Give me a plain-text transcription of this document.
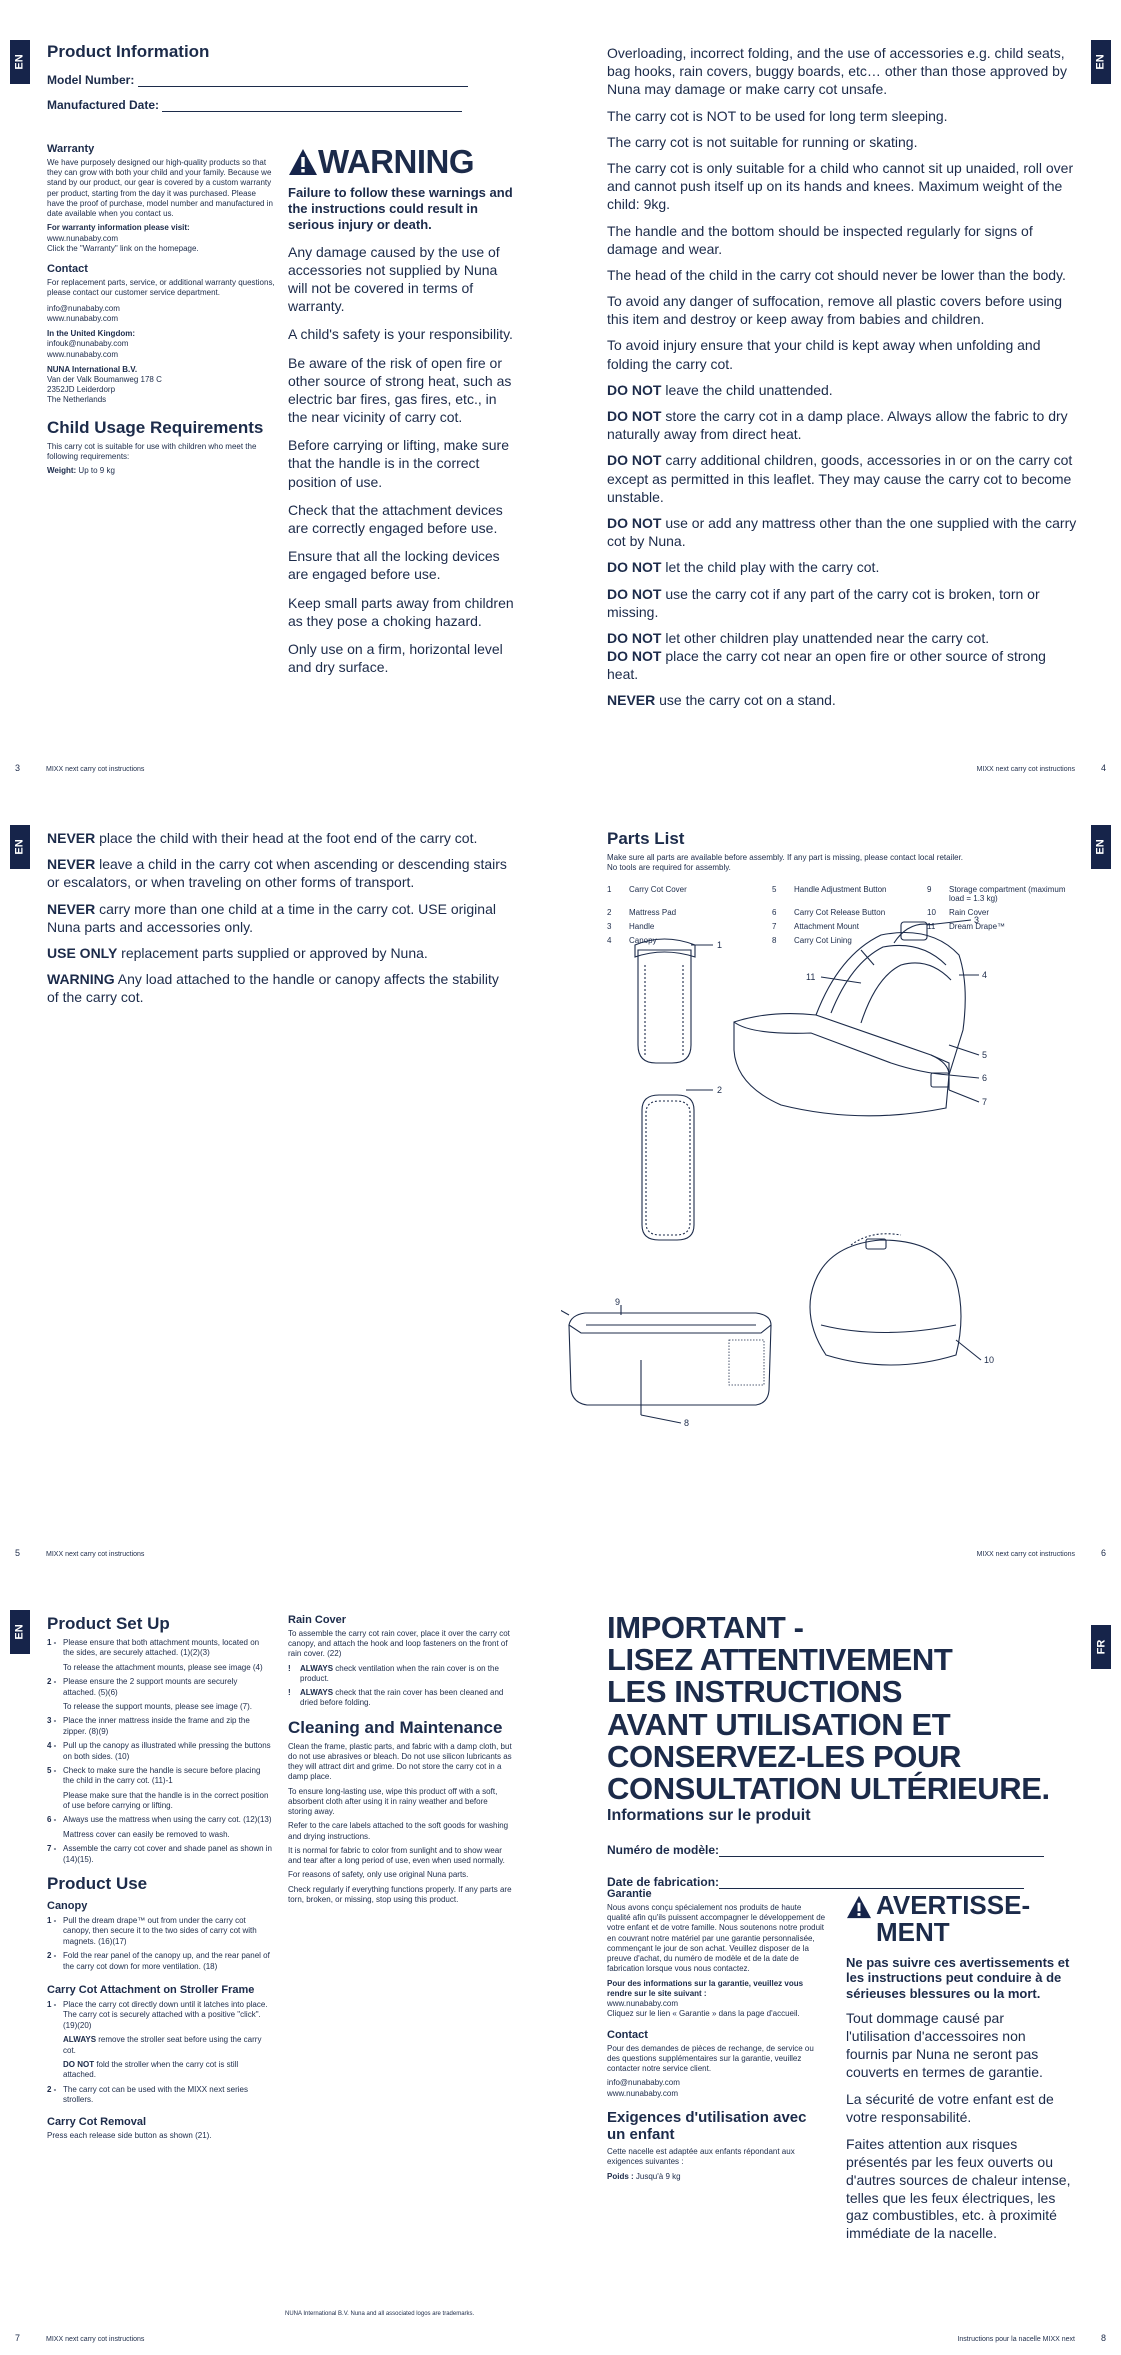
EN
Product Information
Model Number:
Manufactured Date:
Warranty
We have purposely designed our high-quality products so that they can grow with both your child and your family. Because we stand by our product, our gear is covered by a custom warranty per product, starting from the day it was purchased. Please have the proof of purchase, model number and manufactured in date available when you contact us.
For warranty information please visit:
www.nunababy.com
Click the "Warranty" link on the homepage.
Contact
For replacement parts, service, or additional warranty questions, please contact our customer service department.
info@nunababy.com
www.nunababy.com
In the United Kingdom:
infouk@nunababy.com
www.nunababy.com
NUNA International B.V.
Van der Valk Boumanweg 178 C
2352JD Leiderdorp
The Netherlands
Child Usage Requirements
This carry cot is suitable for use with children who meet the following requirements:
Weight: Up to 9 kg
WARNING
Failure to follow these warnings and the instructions could result in serious injury or death.
Any damage caused by the use of accessories not supplied by Nuna will not be covered in terms of warranty.
A child's safety is your responsibility.
Be aware of the risk of open fire or other source of strong heat, such as electric bar fires, gas fires, etc., in the near vicinity of carry cot.
Before carrying or lifting, make sure that the handle is in the correct position of use.
Check that the attachment devices are correctly engaged before use.
Ensure that all the locking devices are engaged before use.
Keep small parts away from children as they pose a choking hazard.
Only use on a firm, horizontal level and dry surface.
3	MIXX next carry cot instructions
EN
Overloading, incorrect folding, and the use of accessories e.g. child seats, bag hooks, rain covers, buggy boards, etc… other than those approved by Nuna may damage or make carry cot unsafe.
The carry cot is NOT to be used for long term sleeping.
The carry cot is not suitable for running or skating.
The carry cot is only suitable for a child who cannot sit up unaided, roll over and cannot push itself up on its hands and knees. Maximum weight of the child: 9kg.
The handle and the bottom should be inspected regularly for signs of damage and wear.
The head of the child in the carry cot should never be lower than the body.
To avoid any danger of suffocation, remove all plastic covers before using this item and destroy or keep away from babies and children.
To avoid injury ensure that your child is kept away when unfolding and folding the carry cot.
DO NOT leave the child unattended.
DO NOT store the carry cot in a damp place. Always allow the fabric to dry naturally away from direct heat.
DO NOT carry additional children, goods, accessories in or on the carry cot except as permitted in this leaflet. They may cause the carry cot to become unstable.
DO NOT use or add any mattress other than the one supplied with the carry cot by Nuna.
DO NOT let the child play with the carry cot.
DO NOT use the carry cot if any part of the carry cot is broken, torn or missing.
DO NOT let other children play unattended near the carry cot.
DO NOT place the carry cot near an open fire or other source of strong heat.
NEVER use the carry cot on a stand.
MIXX next carry cot instructions	4
EN
NEVER place the child with their head at the foot end of the carry cot.
NEVER leave a child in the carry cot when ascending or descending stairs or escalators, or when traveling on other forms of transport.
NEVER carry more than one child at a time in the carry cot. USE original Nuna parts and accessories only.
USE ONLY replacement parts supplied or approved by Nuna.
WARNING Any load attached to the handle or canopy affects the stability of the carry cot.
5	MIXX next carry cot instructions
EN
Parts List
Make sure all parts are available before assembly. If any part is missing, please contact local retailer.
No tools are required for assembly.
1	Carry Cot Cover	5	Handle Adjustment Button	9	Storage compartment (maximum load = 1.3 kg)
2	Mattress Pad	6	Carry Cot Release Button	10	Rain Cover
3	Handle	7	Attachment Mount	11	Dream Drape™
4	Canopy	8	Carry Cot Lining
1
2
3
4
5
6
7
8
9
10
11
MIXX next carry cot instructions	6
EN Product Set Up
1 - Please ensure that both attachment mounts, located on the sides, are securely attached. (1)(2)(3)
To release the attachment mounts, please see image (4)
2 - Please ensure the 2 support mounts are securely attached. (5)(6)
To release the support mounts, please see image (7).
3 - Place the inner mattress inside the frame and zip the zipper. (8)(9)
4 - Pull up the canopy as illustrated while pressing the buttons on both sides. (10)
5 - Check to make sure the handle is secure before placing the child in the carry cot. (11)-1
Please make sure that the handle is in the correct position of use before carrying or lifting.
6 - Always use the mattress when using the carry cot. (12)(13)
Mattress cover can easily be removed to wash.
7 - Assemble the carry cot cover and shade panel as shown in (14)(15).
Product Use
Canopy
1 - Pull the dream drape™ out from under the carry cot canopy, then secure it to the two sides of carry cot with magnets. (16)(17)
2 - Fold the rear panel of the canopy up, and the rear panel of the carry cot down for more ventilation. (18)
Carry Cot Attachment on Stroller Frame
1 - Place the carry cot directly down until it latches into place. The carry cot is securely attached with a positive "click". (19)(20)
ALWAYS remove the stroller seat before using the carry cot.
DO NOT fold the stroller when the carry cot is still attached.
2 - The carry cot can be used with the MIXX next series strollers.
Carry Cot Removal
Press each release side button as shown (21).
Rain Cover
To assemble the carry cot rain cover, place it over the carry cot canopy, and attach the hook and loop fasteners on the front of rain cover. (22)
!	ALWAYS check ventilation when the rain cover is on the product.
!	ALWAYS check that the rain cover has been cleaned and dried before folding.
Cleaning and Maintenance
Clean the frame, plastic parts, and fabric with a damp cloth, but do not use abrasives or bleach. Do not use silicon lubricants as they will attract dirt and grime. Do not store the carry cot in a damp place.
To ensure long-lasting use, wipe this product off with a soft, absorbent cloth after using it in rainy weather and before storing away.
Refer to the care labels attached to the soft goods for washing and drying instructions.
It is normal for fabric to color from sunlight and to show wear and tear after a long period of use, even when used normally.
For reasons of safety, only use original Nuna parts.
Check regularly if everything functions properly. If any parts are torn, broken, or missing, stop using this product.
NUNA International B.V. Nuna and all associated logos are trademarks.
7	MIXX next carry cot instructions
FR
IMPORTANT -
LISEZ ATTENTIVEMENT
LES INSTRUCTIONS
AVANT UTILISATION ET
CONSERVEZ-LES POUR
CONSULTATION ULTÉRIEURE.
Informations sur le produit
Numéro de modèle:
Date de fabrication:
Garantie
Nous avons conçu spécialement nos produits de haute qualité afin qu'ils puissent accompagner le développement de votre enfant et de votre famille. Nous soutenons notre produit en couvrant notre matériel par une garantie personnalisée, commençant le jour de son achat. Veuillez disposer de la preuve d'achat, du numéro de modèle et de la date de fabrication lorsque vous nous contactez.
Pour des informations sur la garantie, veuillez vous rendre sur le site suivant :
www.nunababy.com
Cliquez sur le lien « Garantie » dans la page d'accueil.
Contact
Pour des demandes de pièces de rechange, de service ou des questions supplémentaires sur la garantie, veuillez contacter notre service client.
info@nunababy.com
www.nunababy.com
Exigences d'utilisation avec un enfant
Cette nacelle est adaptée aux enfants répondant aux exigences suivantes :
Poids : Jusqu'à 9 kg
AVERTISSE-MENT
Ne pas suivre ces avertissements et les instructions peut conduire à de sérieuses blessures ou la mort.
Tout dommage causé par l'utilisation d'accessoires non fournis par Nuna ne seront pas couverts en termes de garantie.
La sécurité de votre enfant est de votre responsabilité.
Faites attention aux risques présentés par les feux ouverts ou d'autres sources de chaleur intense, telles que les feux électriques, les gaz combustibles, etc. à proximité immédiate de la nacelle.
Instructions pour la nacelle MIXX next	8
